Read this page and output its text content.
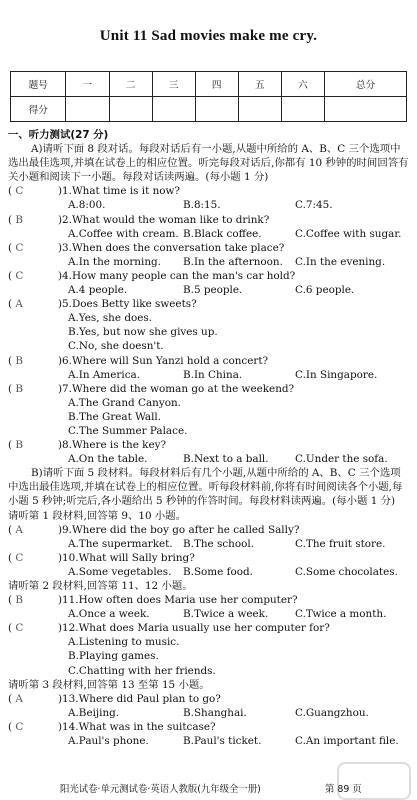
Unit 11 Sad movies make me cry.
题号	一	二	三	四	五	六	总分
得分							
一、听力测试(27 分)
A)请听下面 8 段对话。每段对话后有一小题,从题中所给的 A、B、C 三个选项中选出最佳选项,并填在试卷上的相应位置。听完每段对话后,你都有 10 秒钟的时间回答有关小题和阅读下一小题。每段对话读两遍。(每小题 1 分)
( C	)1.What time is it now?
A.8:00.	B.8:15.	C.7:45.
( B	)2.What would the woman like to drink?
A.Coffee with cream. B.Black coffee.	C.Coffee with sugar.
( C	)3.When does the conversation take place?
A.In the morning.	B.In the afternoon.	C.In the evening.
( C	)4.How many people can the man's car hold?
A.4 people.	B.5 people.	C.6 people.
( A	)5.Does Betty like sweets?
A.Yes, she does.
B.Yes, but now she gives up.
C.No, she doesn't.
( B	)6.Where will Sun Yanzi hold a concert?
A.In America.	B.In China.	C.In Singapore.
( B	)7.Where did the woman go at the weekend?
A.The Grand Canyon.
B.The Great Wall.
C.The Summer Palace.
( B	)8.Where is the key?
A.On the table.	B.Next to a ball.	C.Under the sofa.
B)请听下面 5 段材料。每段材料后有几个小题,从题中所给的 A、B、C 三个选项中选出最佳选项,并填在试卷上的相应位置。听每段材料前,你将有时间阅读各个小题,每小题 5 秒钟;听完后,各小题给出 5 秒钟的作答时间。每段材料读两遍。(每小题 1 分)
请听第 1 段材料,回答第 9、10 小题。
( A	)9.Where did the boy go after he called Sally?
A.The supermarket. B.The school.	C.The fruit store.
( C	)10.What will Sally bring?
A.Some vegetables.	B.Some food.	C.Some chocolates.
请听第 2 段材料,回答第 11、12 小题。
( B	)11.How often does Maria use her computer?
A.Once a week.	B.Twice a week.	C.Twice a month.
( C	)12.What does Maria usually use her computer for?
A.Listening to music.
B.Playing games.
C.Chatting with her friends.
请听第 3 段材料,回答第 13 至第 15 小题。
( A	)13.Where did Paul plan to go?
A.Beijing.	B.Shanghai.	C.Guangzhou.
( C	)14.What was in the suitcase?
A.Paul's phone.	B.Paul's ticket.	C.An important file.
阳光试卷·单元测试卷·英语人教版(九年级全一册)	第 89 页
